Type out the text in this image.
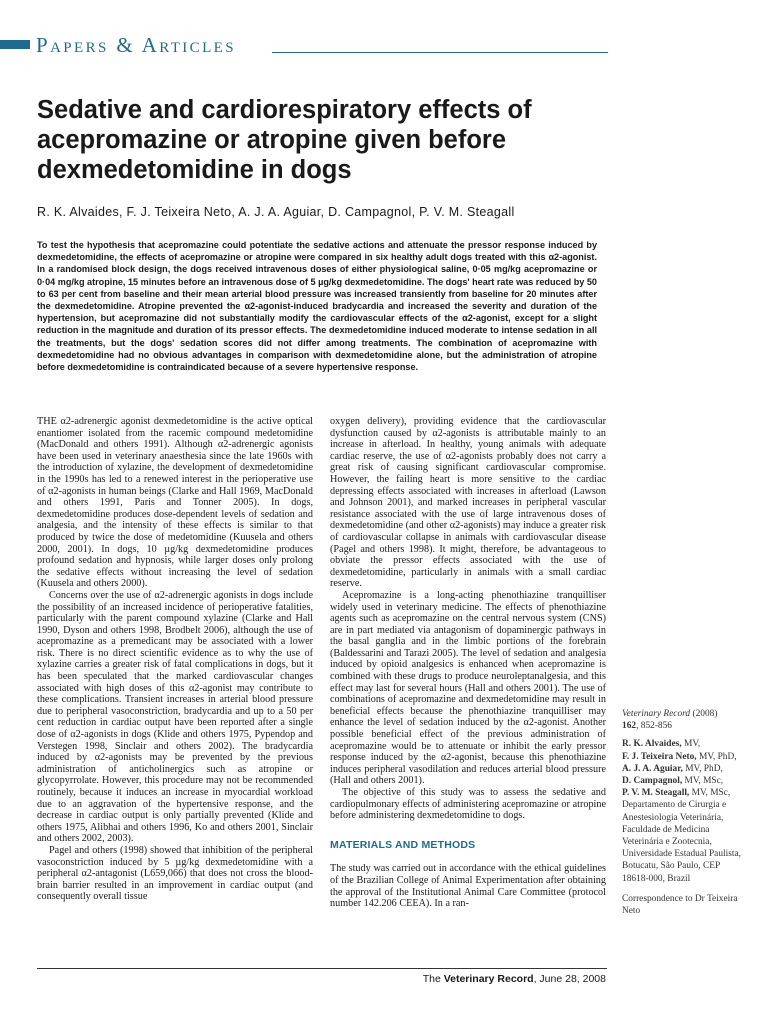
Papers & Articles
Sedative and cardiorespiratory effects of acepromazine or atropine given before dexmedetomidine in dogs
R. K. Alvaides, F. J. Teixeira Neto, A. J. A. Aguiar, D. Campagnol, P. V. M. Steagall

To test the hypothesis that acepromazine could potentiate the sedative actions and attenuate the pressor response induced by dexmedetomidine, the effects of acepromazine or atropine were compared in six healthy adult dogs treated with this α2-agonist. In a randomised block design, the dogs received intravenous doses of either physiological saline, 0·05 mg/kg acepromazine or 0·04 mg/kg atropine, 15 minutes before an intravenous dose of 5 µg/kg dexmedetomidine. The dogs' heart rate was reduced by 50 to 63 per cent from baseline and their mean arterial blood pressure was increased transiently from baseline for 20 minutes after the dexmedetomidine. Atropine prevented the α2-agonist-induced bradycardia and increased the severity and duration of the hypertension, but acepromazine did not substantially modify the cardiovascular effects of the α2-agonist, except for a slight reduction in the magnitude and duration of its pressor effects. The dexmedetomidine induced moderate to intense sedation in all the treatments, but the dogs' sedation scores did not differ among treatments. The combination of acepromazine with dexmedetomidine had no obvious advantages in comparison with dexmedetomidine alone, but the administration of atropine before dexmedetomidine is contraindicated because of a severe hypertensive response.

THE α2-adrenergic agonist dexmedetomidine is the active optical enantiomer isolated from the racemic compound medetomidine (MacDonald and others 1991). Although α2-adrenergic agonists have been used in veterinary anaesthesia since the late 1960s with the introduction of xylazine, the development of dexmedetomidine in the 1990s has led to a renewed interest in the perioperative use of α2-agonists in human beings (Clarke and Hall 1969, MacDonald and others 1991, Paris and Tonner 2005). In dogs, dexmedetomidine produces dose-dependent levels of sedation and analgesia, and the intensity of these effects is similar to that produced by twice the dose of medetomidine (Kuusela and others 2000, 2001). In dogs, 10 µg/kg dexmedetomidine produces profound sedation and hypnosis, while larger doses only prolong the sedative effects without increasing the level of sedation (Kuusela and others 2000).

Concerns over the use of α2-adrenergic agonists in dogs include the possibility of an increased incidence of perioperative fatalities, particularly with the parent compound xylazine (Clarke and Hall 1990, Dyson and others 1998, Brodbelt 2006), although the use of acepromazine as a premedicant may be associated with a lower risk. There is no direct scientific evidence as to why the use of xylazine carries a greater risk of fatal complications in dogs, but it has been speculated that the marked cardiovascular changes associated with high doses of this α2-agonist may contribute to these complications. Transient increases in arterial blood pressure due to peripheral vasoconstriction, bradycardia and up to a 50 per cent reduction in cardiac output have been reported after a single dose of α2-agonists in dogs (Klide and others 1975, Pypendop and Verstegen 1998, Sinclair and others 2002). The bradycardia induced by α2-agonists may be prevented by the previous administration of anticholinergics such as atropine or glycopyrrolate. However, this procedure may not be recommended routinely, because it induces an increase in myocardial workload due to an aggravation of the hypertensive response, and the decrease in cardiac output is only partially prevented (Klide and others 1975, Alibhai and others 1996, Ko and others 2001, Sinclair and others 2002, 2003).

Pagel and others (1998) showed that inhibition of the peripheral vasoconstriction induced by 5 µg/kg dexmedetomidine with a peripheral α2-antagonist (L659,066) that does not cross the blood-brain barrier resulted in an improvement in cardiac output (and consequently overall tissue

oxygen delivery), providing evidence that the cardiovascular dysfunction caused by α2-agonists is attributable mainly to an increase in afterload. In healthy, young animals with adequate cardiac reserve, the use of α2-agonists probably does not carry a great risk of causing significant cardiovascular compromise. However, the failing heart is more sensitive to the cardiac depressing effects associated with increases in afterload (Lawson and Johnson 2001), and marked increases in peripheral vascular resistance associated with the use of large intravenous doses of dexmedetomidine (and other α2-agonists) may induce a greater risk of cardiovascular collapse in animals with cardiovascular disease (Pagel and others 1998). It might, therefore, be advantageous to obviate the pressor effects associated with the use of dexmedetomidine, particularly in animals with a small cardiac reserve.

Acepromazine is a long-acting phenothiazine tranquilliser widely used in veterinary medicine. The effects of phenothiazine agents such as acepromazine on the central nervous system (CNS) are in part mediated via antagonism of dopaminergic pathways in the basal ganglia and in the limbic portions of the forebrain (Baldessarini and Tarazi 2005). The level of sedation and analgesia induced by opioid analgesics is enhanced when acepromazine is combined with these drugs to produce neuroleptanalgesia, and this effect may last for several hours (Hall and others 2001). The use of combinations of acepromazine and dexmedetomidine may result in beneficial effects because the phenothiazine tranquilliser may enhance the level of sedation induced by the α2-agonist. Another possible beneficial effect of the previous administration of acepromazine would be to attenuate or inhibit the early pressor response induced by the α2-agonist, because this phenothiazine induces peripheral vasodilation and reduces arterial blood pressure (Hall and others 2001).

The objective of this study was to assess the sedative and cardiopulmonary effects of administering acepromazine or atropine before administering dexmedetomidine to dogs.

MATERIALS AND METHODS

The study was carried out in accordance with the ethical guidelines of the Brazilian College of Animal Experimentation after obtaining the approval of the Institutional Animal Care Committee (protocol number 142.206 CEEA). In a ran-

Veterinary Record (2008)
162, 852-856

R. K. Alvaides, MV,

F. J. Teixeira Neto, MV, PhD,

A. J. A. Aguiar, MV, PhD,

D. Campagnol, MV, MSc,

P. V. M. Steagall, MV, MSc,

Departamento de Cirurgia e Anestesiologia Veterinária, Faculdade de Medicina Veterinária e Zootecnia, Universidade Estadual Paulista, Botucatu, São Paulo, CEP 18618-000, Brazil

Correspondence to Dr Teixeira Neto

The Veterinary Record, June 28, 2008
